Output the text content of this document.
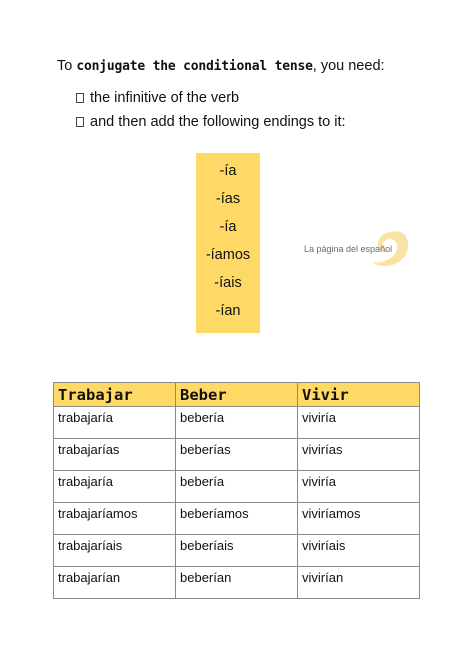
To conjugate the conditional tense, you need:
the infinitive of the verb
and then add the following endings to it:
-ía
-ías
-ía
-íamos
-íais
-ían
La página del español
Trabajar	Beber	Vivir
trabajaría	bebería	viviría
trabajarías	beberías	vivirías
trabajaría	bebería	viviría
trabajaríamos	beberíamos	viviríamos
trabajaríais	beberíais	viviríais
trabajarían	beberían	vivirían
